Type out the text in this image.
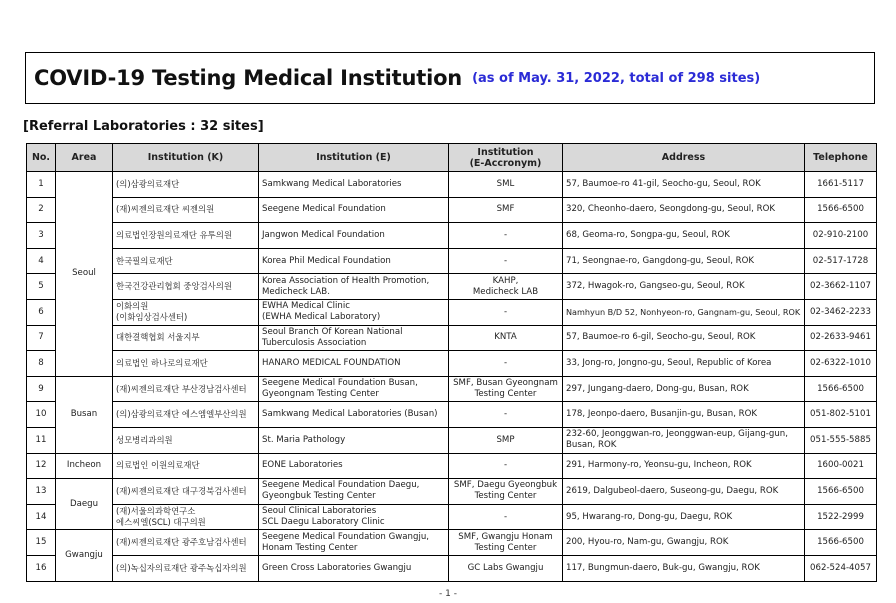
COVID-19 Testing Medical Institution (as of May. 31, 2022, total of 298 sites)
[Referral Laboratories : 32 sites]
No.	Area	Institution (K)	Institution (E)	Institution
(E-Accronym)	Address	Telephone
1	Seoul	(의)삼광의료재단	Samkwang Medical Laboratories	SML	57, Baumoe-ro 41-gil, Seocho-gu, Seoul, ROK	1661-5117
2		(재)씨젠의료재단 씨젠의원	Seegene Medical Foundation	SMF	320, Cheonho-daero, Seongdong-gu, Seoul, ROK	1566-6500
3		의료법인장원의료재단 유투의원	Jangwon Medical Foundation	-	68, Geoma-ro, Songpa-gu, Seoul, ROK	02-910-2100
4		한국필의료재단	Korea Phil Medical Foundation	-	71, Seongnae-ro, Gangdong-gu, Seoul, ROK	02-517-1728
5		한국건강관리협회 중앙검사의원	Korea Association of Health Promotion,
Medicheck LAB.	KAHP,
Medicheck LAB	372, Hwagok-ro, Gangseo-gu, Seoul, ROK	02-3662-1107
6		이화의원
(이화임상검사센터)	EWHA Medical Clinic
(EWHA Medical Laboratory)	-	Namhyun B/D 52, Nonhyeon-ro, Gangnam-gu, Seoul, ROK	02-3462-2233
7		대한결핵협회 서울지부	Seoul Branch Of Korean National
Tuberculosis Association	KNTA	57, Baumoe-ro 6-gil, Seocho-gu, Seoul, ROK	02-2633-9461
8		의료법인 하나로의료재단	HANARO MEDICAL FOUNDATION	-	33, Jong-ro, Jongno-gu, Seoul, Republic of Korea	02-6322-1010
9	Busan	(재)씨젠의료재단 부산경남검사센터	Seegene Medical Foundation Busan,
Gyeongnam Testing Center	SMF, Busan Gyeongnam
Testing Center	297, Jungang-daero, Dong-gu, Busan, ROK	1566-6500
10		(의)삼광의료재단 에스엠엘부산의원	Samkwang Medical Laboratories (Busan)	-	178, Jeonpo-daero, Busanjin-gu, Busan, ROK	051-802-5101
11		성모병리과의원	St. Maria Pathology	SMP	232-60, Jeonggwan-ro, Jeonggwan-eup, Gijang-gun,
Busan, ROK	051-555-5885
12	Incheon	의료법인 이원의료재단	EONE Laboratories	-	291, Harmony-ro, Yeonsu-gu, Incheon, ROK	1600-0021
13	Daegu	(재)씨젠의료재단 대구경북검사센터	Seegene Medical Foundation Daegu,
Gyeongbuk Testing Center	SMF, Daegu Gyeongbuk
Testing Center	2619, Dalgubeol-daero, Suseong-gu, Daegu, ROK	1566-6500
14		(재)서울의과학연구소
에스씨엘(SCL) 대구의원	Seoul Clinical Laboratories
SCL Daegu Laboratory Clinic	-	95, Hwarang-ro, Dong-gu, Daegu, ROK	1522-2999
15	Gwangju	(재)씨젠의료재단 광주호남검사센터	Seegene Medical Foundation Gwangju,
Honam Testing Center	SMF, Gwangju Honam
Testing Center	200, Hyou-ro, Nam-gu, Gwangju, ROK	1566-6500
16		(의)녹십자의료재단 광주녹십자의원	Green Cross Laboratories Gwangju	GC Labs Gwangju	117, Bungmun-daero, Buk-gu, Gwangju, ROK	062-524-4057
- 1 -
